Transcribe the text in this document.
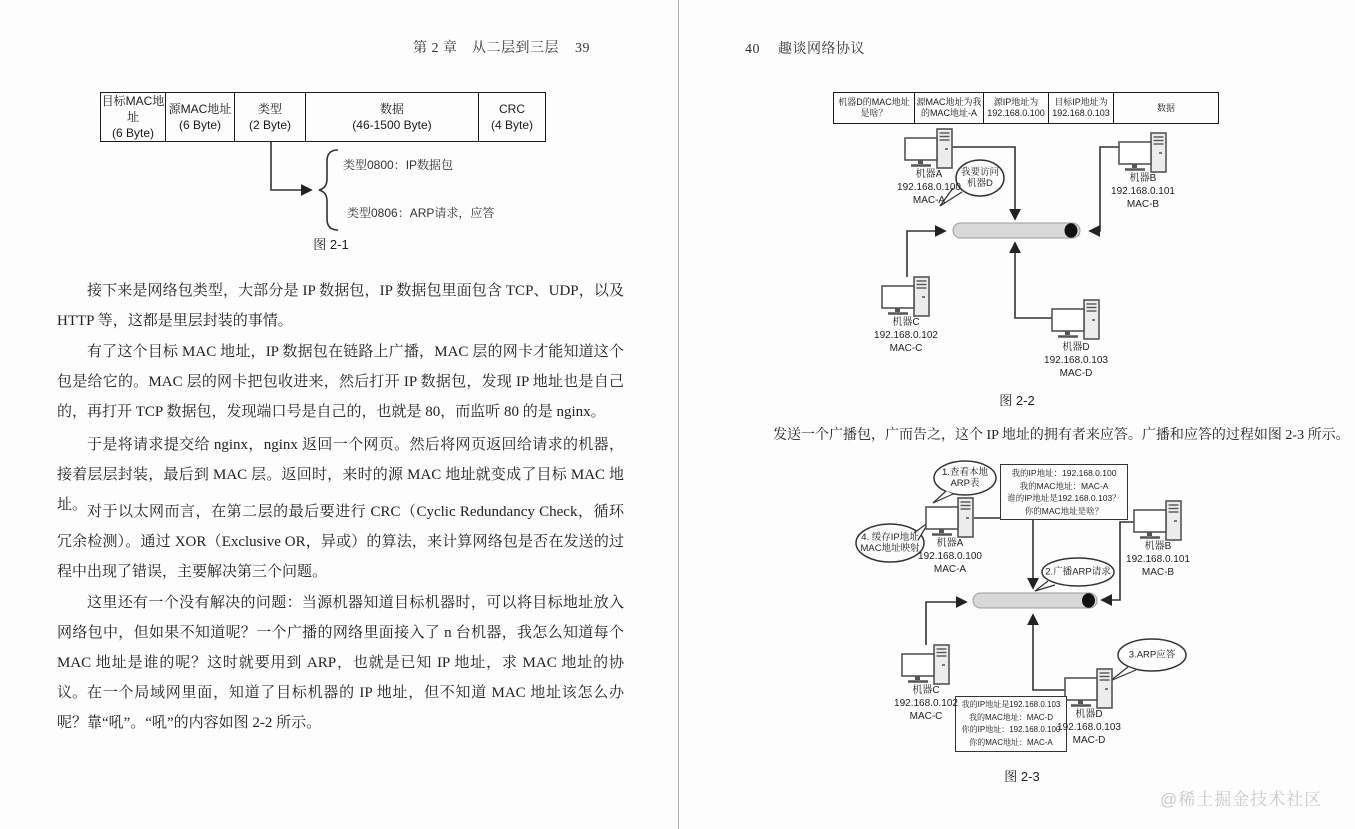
第 2 章　从二层到三层 39
目标MAC地址
(6 Byte)
源MAC地址
(6 Byte)
类型
(2 Byte)
数据
(46-1500 Byte)
CRC
(4 Byte)
类型0800：IP数据包
类型0806：ARP请求，应答
图 2-1
接下来是网络包类型，大部分是 IP 数据包，IP 数据包里面包含 TCP、UDP，以及 HTTP 等，这都是里层封装的事情。
有了这个目标 MAC 地址，IP 数据包在链路上广播，MAC 层的网卡才能知道这个包是给它的。MAC 层的网卡把包收进来，然后打开 IP 数据包，发现 IP 地址也是自己的，再打开 TCP 数据包，发现端口号是自己的，也就是 80，而监听 80 的是 nginx。
于是将请求提交给 nginx，nginx 返回一个网页。然后将网页返回给请求的机器，接着层层封装，最后到 MAC 层。返回时，来时的源 MAC 地址就变成了目标 MAC 地址。 对于以太网而言，在第二层的最后要进行 CRC（Cyclic Redundancy Check，循环冗余检测）。通过 XOR（Exclusive OR，异或）的算法，来计算网络包是否在发送的过程中出现了错误，主要解决第三个问题。
这里还有一个没有解决的问题：当源机器知道目标机器时，可以将目标地址放入网络包中，但如果不知道呢？一个广播的网络里面接入了 n 台机器，我怎么知道每个 MAC 地址是谁的呢？这时就要用到 ARP，也就是已知 IP 地址，求 MAC 地址的协议。 在一个局域网里面，知道了目标机器的 IP 地址，但不知道 MAC 地址该怎么办呢？靠“吼”。“吼”的内容如图 2-2 所示。
40 趣谈网络协议
机器D的MAC地址是啥？
源MAC地址为我的MAC地址-A
源IP地址为192.168.0.100
目标IP地址为192.168.0.103
数据
我要访问
机器D
机器A
192.168.0.100
MAC-A
机器B
192.168.0.101
MAC-B
机器C
192.168.0.102
MAC-C	机器D
192.168.0.103
MAC-D
图 2-2
发送一个广播包，广而告之，这个 IP 地址的拥有者来应答。广播和应答的过程如图 2-3 所示。
1.查看本地
ARP表
2.广播ARP请求
3.ARP应答
4. 缓存IP地址
MAC地址映射
我的IP地址：192.168.0.100
我的MAC地址：MAC-A
谁的IP地址是192.168.0.103？
你的MAC地址是啥？
我的IP地址是192.168.0.103
我的MAC地址：MAC-D
你的IP地址：192.168.0.100
你的MAC地址：MAC-A
机器A
192.168.0.100
MAC-A
机器B
192.168.0.101
MAC-B
机器C
192.168.0.102
MAC-C	机器D
192.168.0.103
MAC-D
图 2-3
@稀土掘金技术社区
